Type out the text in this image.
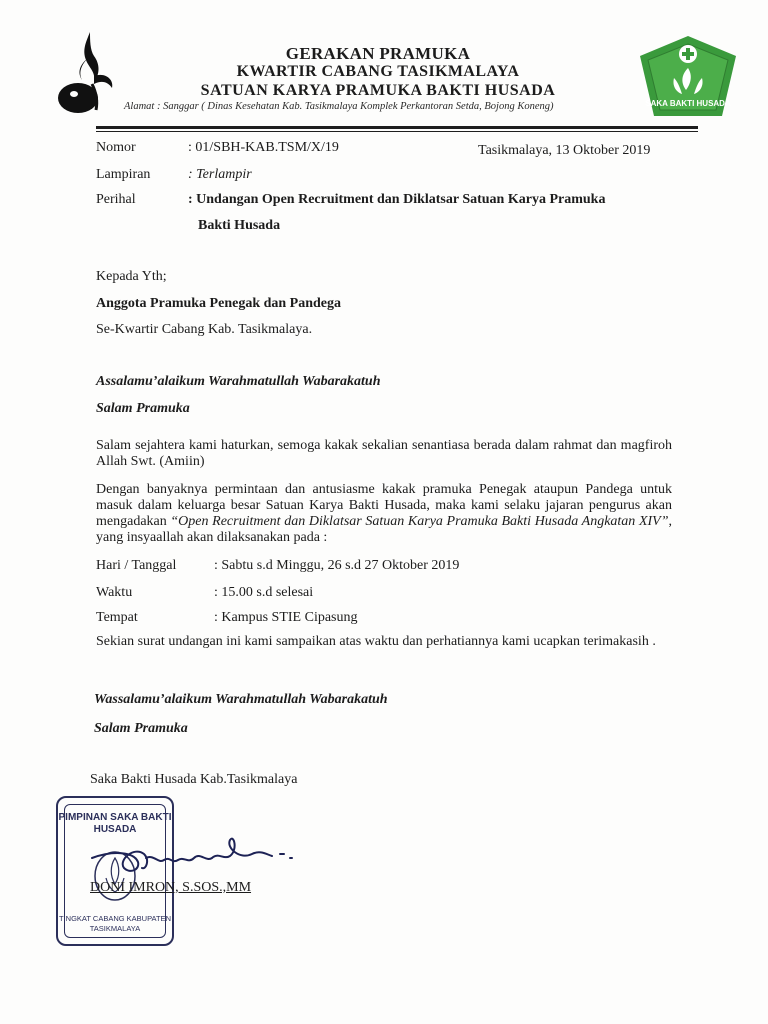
GERAKAN PRAMUKA
KWARTIR CABANG TASIKMALAYA
SATUAN KARYA PRAMUKA BAKTI HUSADA
Alamat : Sanggar ( Dinas Kesehatan Kab. Tasikmalaya Komplek Perkantoran Setda, Bojong Koneng)	SAKA BAKTI HUSADA
Nomor	: 01/SBH-KAB.TSM/X/19	Tasikmalaya, 13 Oktober 2019
Lampiran	: Terlampir
Perihal	: Undangan Open Recruitment dan Diklatsar Satuan Karya Pramuka
Bakti Husada
Kepada Yth;
Anggota Pramuka Penegak dan Pandega
Se-Kwartir Cabang Kab. Tasikmalaya.
Assalamu’alaikum Warahmatullah Wabarakatuh
Salam Pramuka
Salam sejahtera kami haturkan, semoga kakak sekalian senantiasa berada dalam rahmat dan magfiroh Allah Swt. (Amiin)
Dengan banyaknya permintaan dan antusiasme kakak pramuka Penegak ataupun Pandega untuk masuk dalam keluarga besar Satuan Karya Bakti Husada, maka kami selaku jajaran pengurus akan mengadakan “Open Recruitment dan Diklatsar Satuan Karya Pramuka Bakti Husada Angkatan XIV”, yang insyaallah akan dilaksanakan pada :
Hari / Tanggal	: Sabtu s.d Minggu, 26 s.d 27 Oktober 2019
Waktu	: 15.00 s.d selesai
Tempat	: Kampus STIE Cipasung
Sekian surat undangan ini kami sampaikan atas waktu dan perhatiannya kami ucapkan terimakasih .
Wassalamu’alaikum Warahmatullah Wabarakatuh
Salam Pramuka
Saka Bakti Husada Kab.Tasikmalaya
PIMPINAN SAKA BAKTI HUSADA
TINGKAT CABANG KABUPATEN TASIKMALAYA
DONI IMRON, S.SOS.,MM
